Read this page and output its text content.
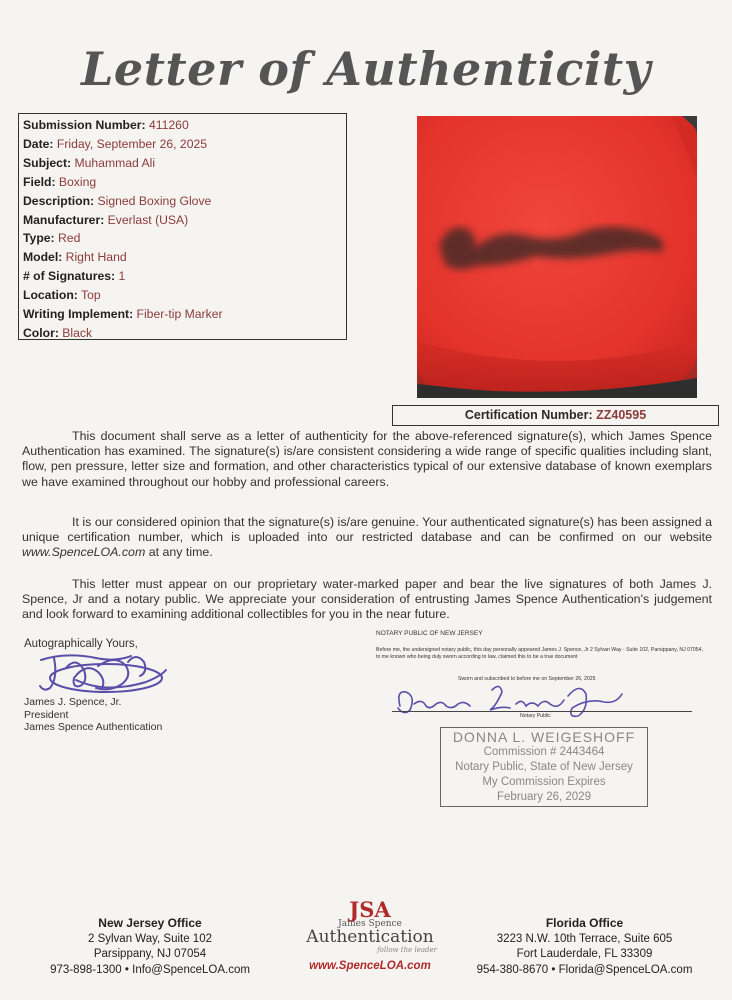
Letter of Authenticity
Submission Number: 411260
Date: Friday, September 26, 2025
Subject: Muhammad Ali
Field: Boxing
Description: Signed Boxing Glove
Manufacturer: Everlast (USA)
Type: Red
Model: Right Hand
# of Signatures: 1
Location: Top
Writing Implement: Fiber-tip Marker
Color: Black
Certification Number: ZZ40595
This document shall serve as a letter of authenticity for the above-referenced signature(s), which James Spence Authentication has examined. The signature(s) is/are consistent considering a wide range of specific qualities including slant, flow, pen pressure, letter size and formation, and other characteristics typical of our extensive database of known exemplars we have examined throughout our hobby and professional careers.
It is our considered opinion that the signature(s) is/are genuine. Your authenticated signature(s) has been assigned a unique certification number, which is uploaded into our restricted database and can be confirmed on our website www.SpenceLOA.com at any time.
This letter must appear on our proprietary water-marked paper and bear the live signatures of both James J. Spence, Jr and a notary public. We appreciate your consideration of entrusting James Spence Authentication's judgement and look forward to examining additional collectibles for you in the near future.
Autographically Yours,
James J. Spence, Jr.
President
James Spence Authentication
NOTARY PUBLIC OF NEW JERSEY
Before me, the undersigned notary public, this day personally appeared James J. Spence, Jr 2 Sylvan Way - Suite 102, Parsippany, NJ 07054, to me known who being duly sworn according to law, claimed this to be a true document
Sworn and subscribed to before me on September 26, 2025
Notary Public
DONNA L. WEIGESHOFF
Commission # 2443464
Notary Public, State of New Jersey
My Commission Expires
February 26, 2029
New Jersey Office
2 Sylvan Way, Suite 102
Parsippany, NJ 07054
973-898-1300 • Info@SpenceLOA.com
JSA
James Spence
Authentication
follow the leader
www.SpenceLOA.com
Florida Office
3223 N.W. 10th Terrace, Suite 605
Fort Lauderdale, FL 33309
954-380-8670 • Florida@SpenceLOA.com
